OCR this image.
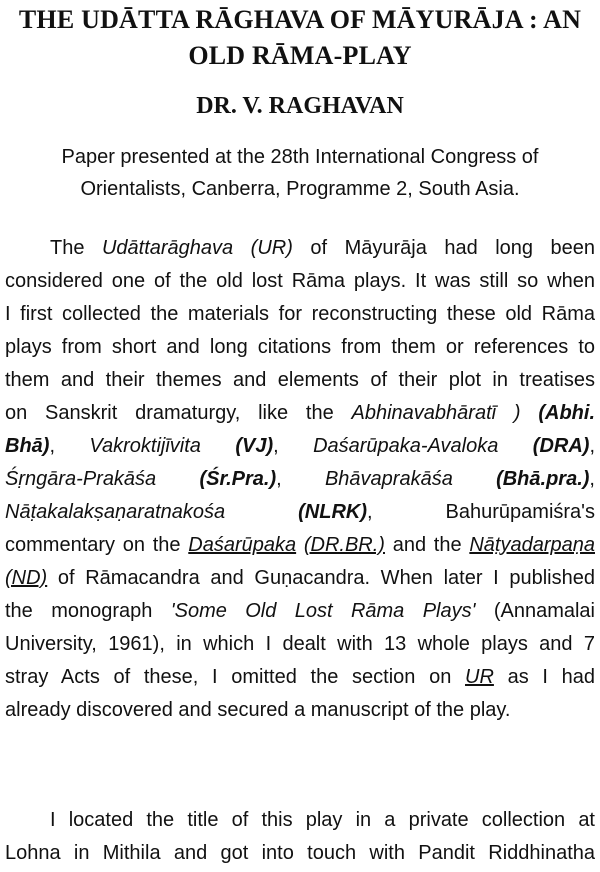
THE UDĀTTA RĀGHAVA OF MĀYURĀJA : AN
OLD RĀMA-PLAY
DR. V. RAGHAVAN
Paper presented at the 28th International Congress of
Orientalists, Canberra, Programme 2, South Asia.
The Udāttarāghava (UR) of Māyurāja had long been
considered one of the old lost Rāma plays. It was still so when
I first collected the materials for reconstructing these old Rāma
plays from short and long citations from them or references to
them and their themes and elements of their plot in treatises
on Sanskrit dramaturgy, like the Abhinavabhāratī ) (Abhi.
Bhā), Vakroktijīvita (VJ), Daśarūpaka-Avaloka (DRA),
Śṛngāra-Prakāśa (Śr.Pra.), Bhāvaprakāśa (Bhā.pra.),
Nāṭakalakṣaṇaratnakośa	(NLRK), Bahurūpamiśra's
commentary on the Daśarūpaka (DR.BR.) and the Nāṭyadarpaṇa
(ND) of Rāmacandra and Guṇacandra. When later I published
the monograph 'Some Old Lost Rāma Plays' (Annamalai
University, 1961), in which I dealt with 13 whole plays and 7
stray Acts of these, I omitted the section on UR as I had
already discovered and secured a manuscript of the play.
I located the title of this play in a private collection at
Lohna in Mithila and got into touch with Pandit Riddhinatha
